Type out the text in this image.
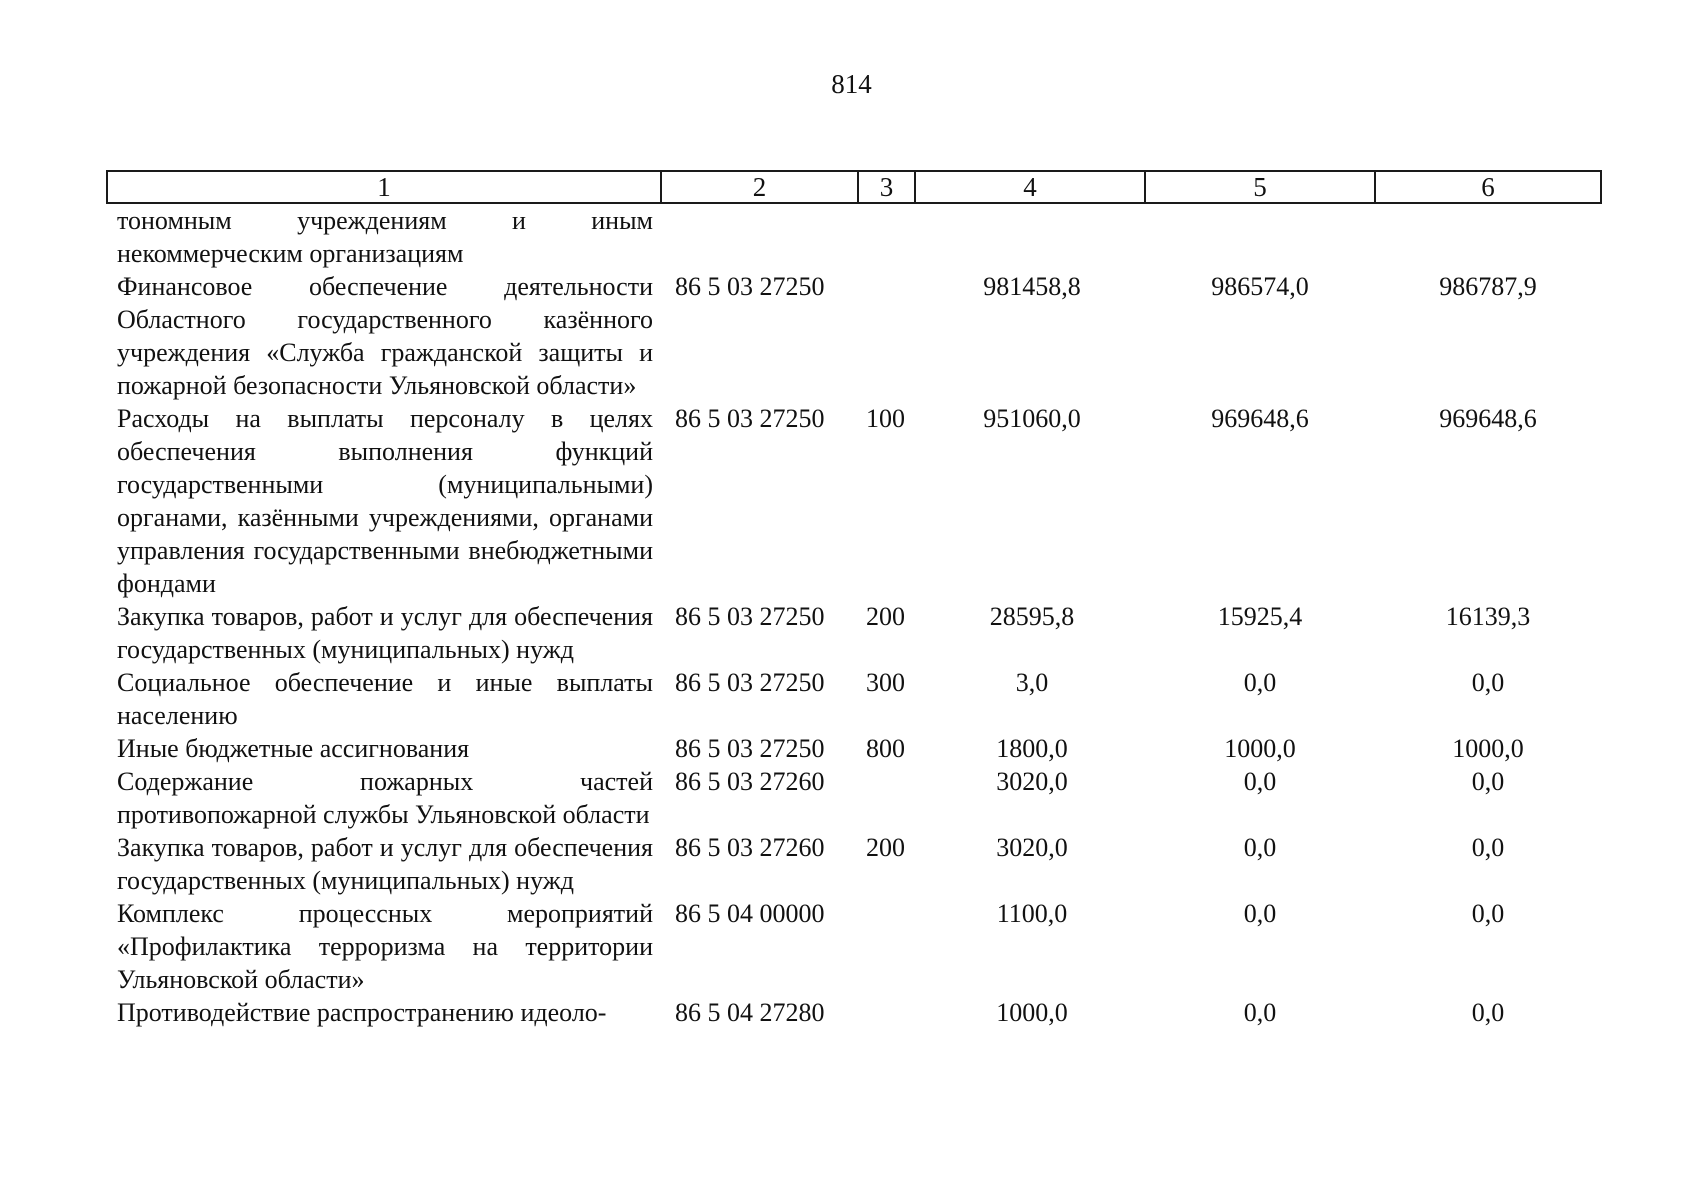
814
1	2	3	4	5	6
тономным учреждениям и иным некоммерческим организациям					
Финансовое обеспечение деятельности Областного государственного казённого учреждения «Служба гражданской защиты и пожарной безопасности Ульяновской области»	86 5 03 27250		981458,8	986574,0	986787,9
Расходы на выплаты персоналу в целях обеспечения выполнения функций государственными (муниципальными) органами, казёнными учреждениями, органами управления государственными внебюджетными фондами	86 5 03 27250	100	951060,0	969648,6	969648,6
Закупка товаров, работ и услуг для обеспечения государственных (муниципальных) нужд	86 5 03 27250	200	28595,8	15925,4	16139,3
Социальное обеспечение и иные выплаты населению	86 5 03 27250	300	3,0	0,0	0,0
Иные бюджетные ассигнования	86 5 03 27250	800	1800,0	1000,0	1000,0
Содержание пожарных частей противопожарной службы Ульяновской области	86 5 03 27260		3020,0	0,0	0,0
Закупка товаров, работ и услуг для обеспечения государственных (муниципальных) нужд	86 5 03 27260	200	3020,0	0,0	0,0
Комплекс процессных мероприятий «Профилактика терроризма на территории Ульяновской области»	86 5 04 00000		1100,0	0,0	0,0
Противодействие распространению идеоло-	86 5 04 27280		1000,0	0,0	0,0
